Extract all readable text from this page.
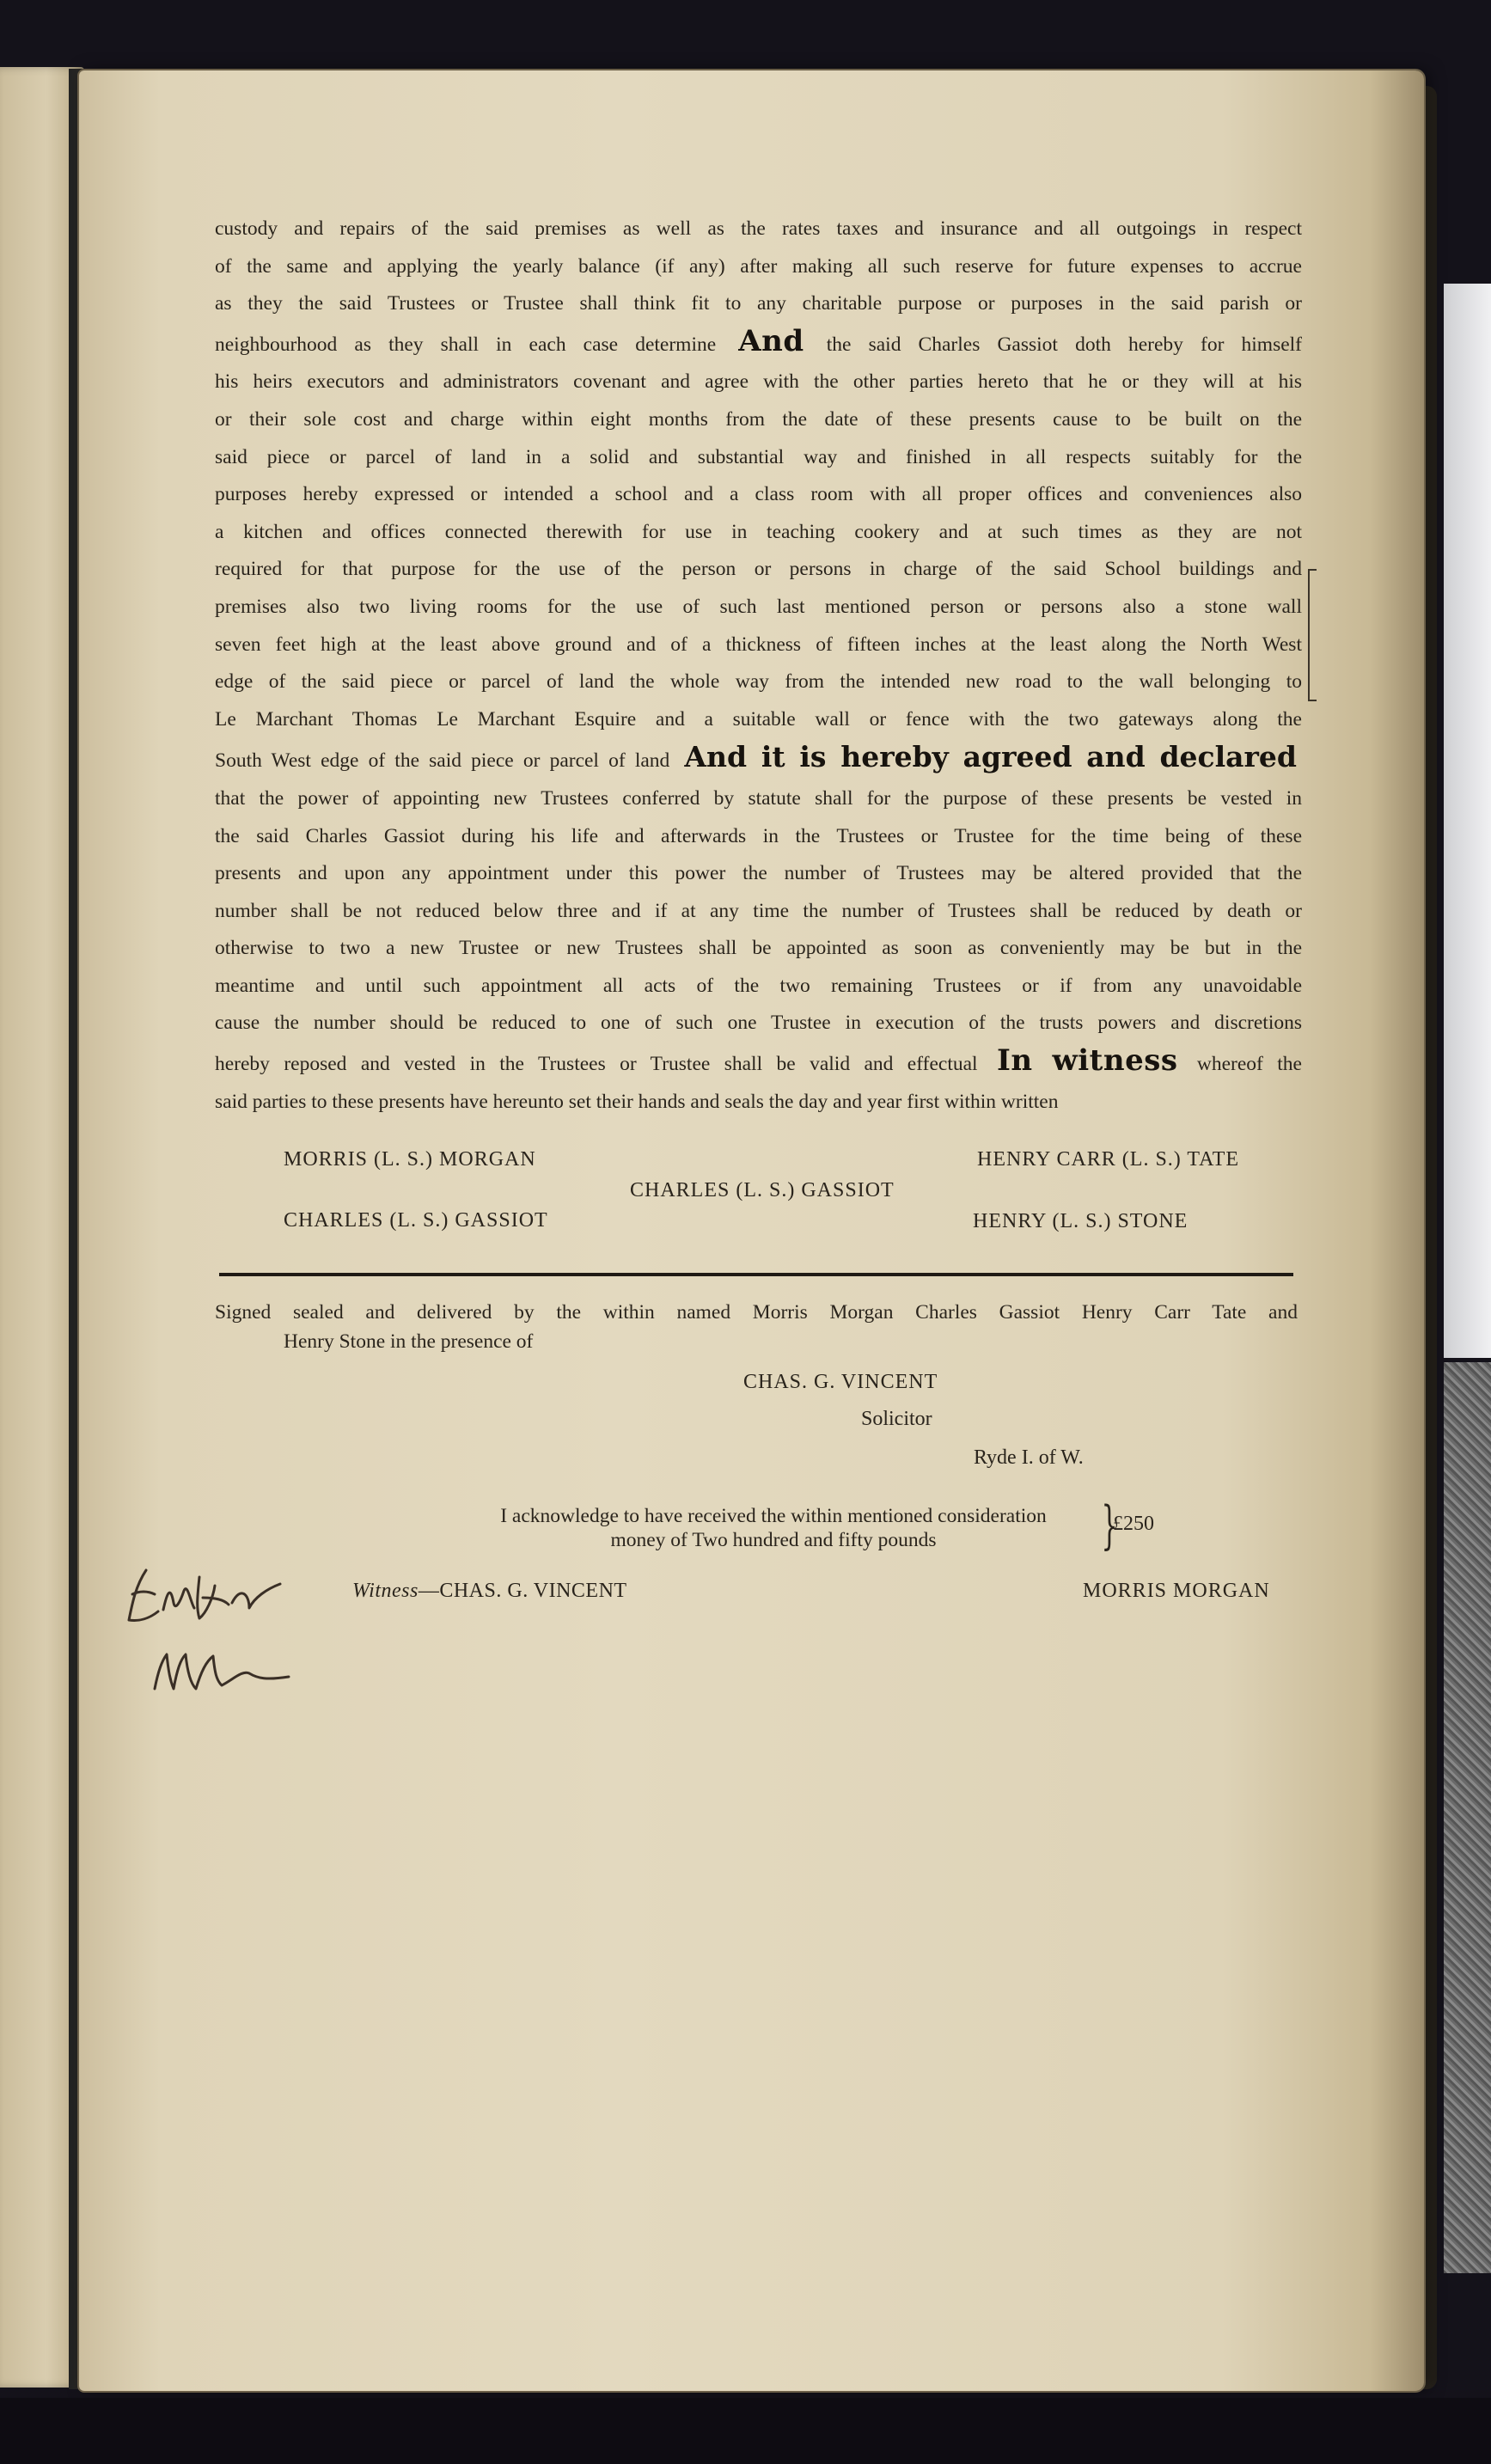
custody and repairs of the said premises as well as the rates taxes and insurance and all outgoings in respect
of the same and applying the yearly balance (if any) after making all such reserve for future expenses to accrue
as they the said Trustees or Trustee shall think fit to any charitable purpose or purposes in the said parish or
neighbourhood as they shall in each case determine And the said Charles Gassiot doth hereby for himself
his heirs executors and administrators covenant and agree with the other parties hereto that he or they will at his
or their sole cost and charge within eight months from the date of these presents cause to be built on the
said piece or parcel of land in a solid and substantial way and finished in all respects suitably for the
purposes hereby expressed or intended a school and a class room with all proper offices and conveniences also
a kitchen and offices connected therewith for use in teaching cookery and at such times as they are not
required for that purpose for the use of the person or persons in charge of the said School buildings and
premises also two living rooms for the use of such last mentioned person or persons also a stone wall
seven feet high at the least above ground and of a thickness of fifteen inches at the least along the North West
edge of the said piece or parcel of land the whole way from the intended new road to the wall belonging to
Le Marchant Thomas Le Marchant Esquire and a suitable wall or fence with the two gateways along the
South West edge of the said piece or parcel of land And it is hereby agreed and declared
that the power of appointing new Trustees conferred by statute shall for the purpose of these presents be vested in
the said Charles Gassiot during his life and afterwards in the Trustees or Trustee for the time being of these
presents and upon any appointment under this power the number of Trustees may be altered provided that the
number shall be not reduced below three and if at any time the number of Trustees shall be reduced by death or
otherwise to two a new Trustee or new Trustees shall be appointed as soon as conveniently may be but in the
meantime and until such appointment all acts of the two remaining Trustees or if from any unavoidable
cause the number should be reduced to one of such one Trustee in execution of the trusts powers and discretions
hereby reposed and vested in the Trustees or Trustee shall be valid and effectual In witness whereof the
said parties to these presents have hereunto set their hands and seals the day and year first within written
MORRIS (L. S.) MORGAN
CHARLES (L. S.) GASSIOT
HENRY CARR (L. S.) TATE
CHARLES (L. S.) GASSIOT	HENRY (L. S.) STONE
Signed sealed and delivered by the within named Morris Morgan Charles Gassiot Henry Carr Tate and
Henry Stone in the presence of
CHAS. G. VINCENT
Solicitor
Ryde I. of W.
I acknowledge to have received the within mentioned consideration
money of Two hundred and fifty pounds	}
£250
Witness—CHAS. G. VINCENT	MORRIS MORGAN
